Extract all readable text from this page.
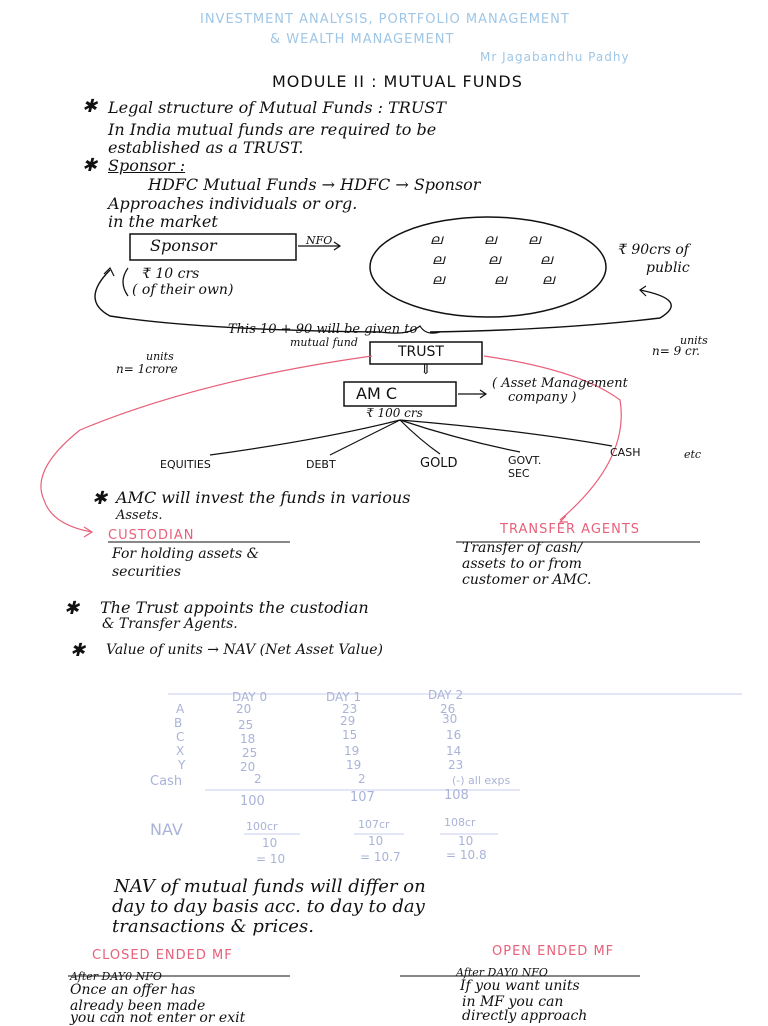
INVESTMENT ANALYSIS, PORTFOLIO MANAGEMENT
& WEALTH MANAGEMENT
Mr Jagabandhu Padhy
MODULE II : MUTUAL FUNDS
✱ Legal structure of Mutual Funds : TRUST
In India mutual funds are required to be
established as a TRUST.
✱ Sponsor :
HDFC Mutual Funds → HDFC → Sponsor
Approaches individuals or org.
in the market
Sponsor	NFO
₹ 10 crs
( of their own)
ല	ല ല
ല	ല	ല
ല	ല	ല
₹ 90crs of
public
This 10 + 90 will be given to
mutual fund
TRUST
units
n= 1crore
units
n= 9 cr.
⇓
AM C
( Asset Management
company )
₹ 100 crs
EQUITIES	DEBT	GOLD	GOVT. SEC
CASH	etc
✱ AMC will invest the funds in various
Assets.
CUSTODIAN
For holding assets &
securities
TRANSFER AGENTS
Transfer of cash/
assets to or from
customer or AMC.
✱ The Trust appoints the custodian
& Transfer Agents.
✱ Value of units → NAV (Net Asset Value)
DAY 0	DAY 1	DAY 2
A	20	23	26
B	25	29	30
C	18	15	16
X	25	19	14
Y	20	19	23
Cash	2	2	(-) all exps
100	107	108
NAV	100cr	107cr	108cr
10	10	10
= 10	= 10.7	= 10.8
NAV of mutual funds will differ on
day to day basis acc. to day to day
transactions & prices.
CLOSED ENDED MF
After DAY0 NFO
Once an offer has
already been made
you can not enter or exit
OPEN ENDED MF
After DAY0 NFO
If you want units
in MF you can
directly approach
